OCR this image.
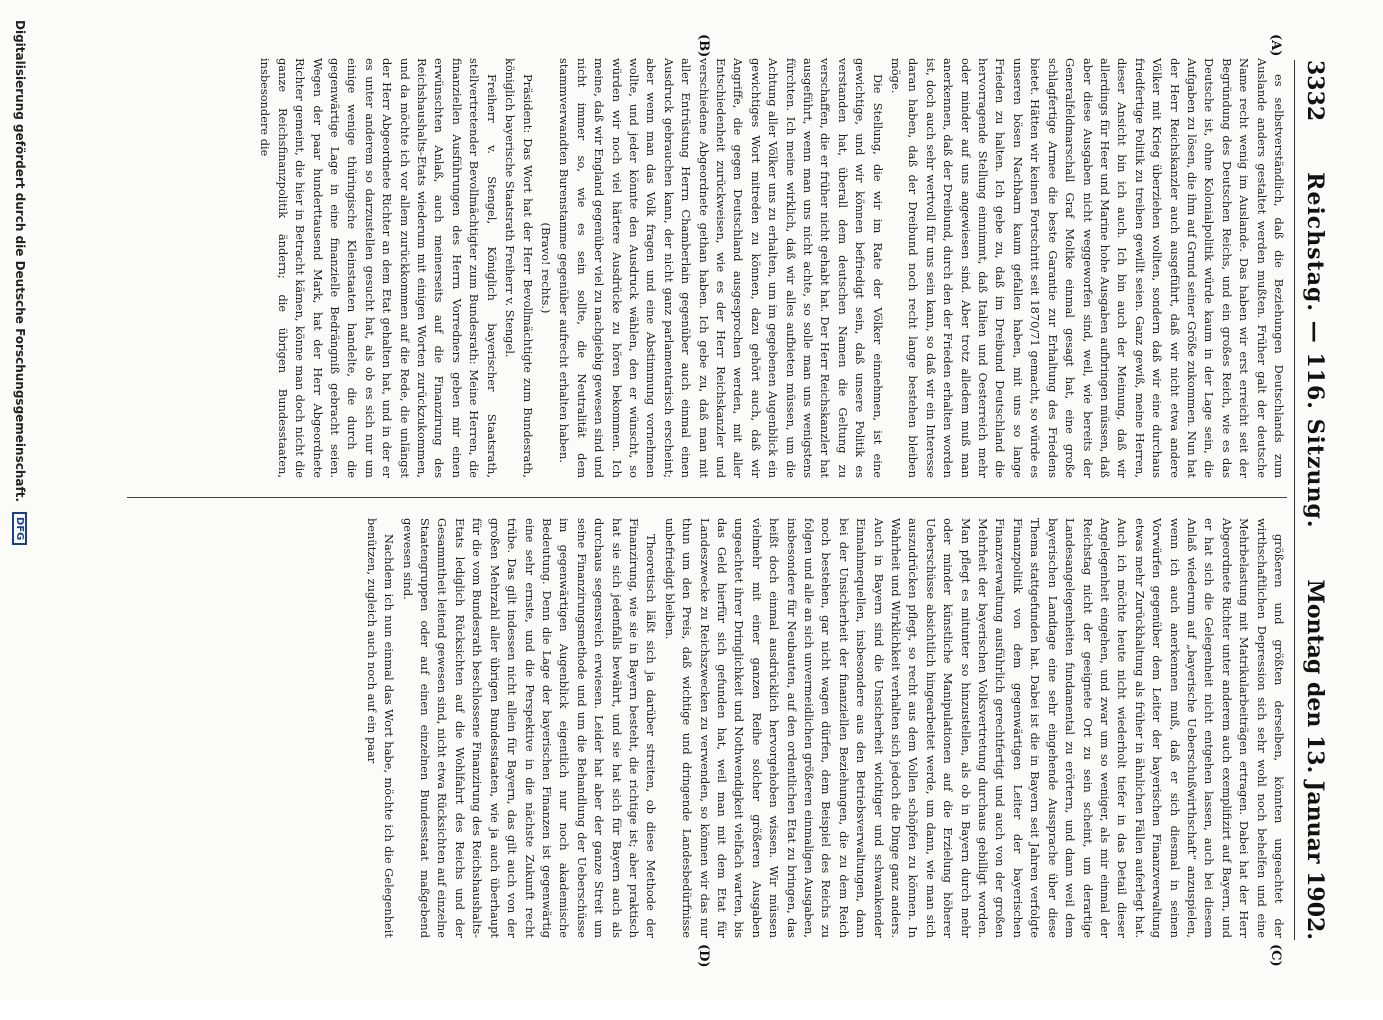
3332
Reichstag. — 116. Sitzung.
Montag den 13. Januar 1902.
(A)
(B)
(C)
(D)

es selbstverständlich, daß die Beziehungen Deutschlands zum Auslande anders gestaltet werden mußten. Früher galt der deutsche Name recht wenig im Auslande. Das haben wir erst erreicht seit der Begründung des Deutschen Reichs, und ein großes Reich, wie es das Deutsche ist, ohne Kolonialpolitik würde kaum in der Lage sein, die Aufgaben zu lösen, die ihm auf Grund seiner Größe zukommen. Nun hat der Herr Reichskanzler auch ausgeführt, daß wir nicht etwa andere Völker mit Krieg überziehen wollten, sondern daß wir eine durchaus friedfertige Politik zu treiben gewillt seien. Ganz gewiß, meine Herren, dieser Ansicht bin ich auch. Ich bin auch der Meinung, daß wir allerdings für Heer und Marine hohe Ausgaben aufbringen müssen, daß aber diese Ausgaben nicht weggeworfen sind, weil, wie bereits der Generalfeldmarschall Graf Moltke einmal gesagt hat, eine große schlagfertige Armee die beste Garantie zur Erhaltung des Friedens bietet. Hätten wir keinen Fortschritt seit 1870/71 gemacht, so würde es unseren bösen Nachbarn kaum gefallen haben, mit uns so lange Frieden zu halten. Ich gebe zu, daß im Dreibund Deutschland die hervorragende Stellung einnimmt, daß Italien und Oesterreich mehr oder minder auf uns angewiesen sind. Aber trotz alledem muß man anerkennen, daß der Dreibund, durch den der Frieden erhalten worden ist, doch auch sehr wertvoll für uns sein kann, so daß wir ein Interesse daran haben, daß der Dreibund noch recht lange bestehen bleiben möge.

Die Stellung, die wir im Rate der Völker einnehmen, ist eine gewichtige, und wir können befriedigt sein, daß unsere Politik es verstanden hat, überall dem deutschen Namen die Geltung zu verschaffen, die er früher nicht gehabt hat. Der Herr Reichskanzler hat ausgeführt, wenn man uns nicht achte, so solle man uns wenigstens fürchten. Ich meine wirklich, daß wir alles aufbieten müssen, um die Achtung aller Völker uns zu erhalten, um im gegebenen Augenblick ein gewichtiges Wort mitreden zu können, dazu gehört auch, daß wir Angriffe, die gegen Deutschland ausgesprochen werden, mit aller Entschiedenheit zurückweisen, wie es der Herr Reichskanzler und verschiedene Abgeordnete gethan haben. Ich gebe zu, daß man mit aller Entrüstung Herrn Chamberlain gegenüber auch einmal einen Ausdruck gebrauchen kann, der nicht ganz parlamentarisch erscheint; aber wenn man das Volk fragen und eine Abstimmung vornehmen wollte, und jeder könnte den Ausdruck wählen, den er wünscht, so würden wir noch viel härtere Ausdrücke zu hören bekommen. Ich meine, daß wir England gegenüber viel zu nachgiebig gewesen sind und nicht immer so, wie es sein sollte, die Neutralität dem stammverwandten Burenstamme gegenüber aufrecht erhalten haben.

(Bravo! rechts.)

Präsident: Das Wort hat der Herr Bevollmächtigte zum Bundesrath, königlich bayerische Staatsrath Freiherr v. Stengel.

Freiherr v. Stengel, Königlich bayerischer Staatsrath, stellvertretender Bevollmächtigter zum Bundesrath: Meine Herren, die finanziellen Ausführungen des Herrn Vorredners geben mir einen erwünschten Anlaß, auch meinerseits auf die Finanzirung des Reichshaushalts-Etats wiederum mit einigen Worten zurückzukommen, und da möchte ich vor allem zurückkommen auf die Rede, die unlängst der Herr Abgeordnete Richter an dem Etat gehalten hat, und in der er es unter anderem so darzustellen gesucht hat, als ob es sich nur um einige wenige thüringische Kleinstaaten handelte, die durch die gegenwärtige Lage in eine finanzielle Bedrängniß gebracht seien. Wegen der paar hunderttausend Mark, hat der Herr Abgeordnete Richter gemeint, die hier in Betracht kämen, könne man doch nicht die ganze Reichsfinanzpolitik ändern; die übrigen Bundesstaaten, insbesondere die

größeren und größten derselben, könnten ungeachtet der wirthschaftlichen Depression sich sehr wohl noch behelfen und eine Mehrbelastung mit Matrikularbeiträgen ertragen. Dabei hat der Herr Abgeordnete Richter unter anderem auch exemplifizirt auf Bayern, und er hat sich die Gelegenheit nicht entgehen lassen, auch bei diesem Anlaß wiederum auf „bayerische Ueberschußwirthschaft“ anzuspielen, wenn ich auch anerkennen muß, daß er sich diesmal in seinen Vorwürfen gegenüber dem Leiter der bayerischen Finanzverwaltung etwas mehr Zurückhaltung als früher in ähnlichen Fällen auferlegt hat. Auch ich möchte heute nicht wiederholt tiefer in das Detail dieser Angelegenheit eingehen, und zwar um so weniger, als mir einmal der Reichstag nicht der geeignete Ort zu sein scheint, um derartige Landesangelegenheiten fundamental zu erörtern, und dann weil dem bayerischen Landtage eine sehr eingehende Aussprache über diese Thema stattgefunden hat. Dabei ist die in Bayern seit Jahren verfolgte Finanzpolitik von dem gegenwärtigen Leiter der bayerischen Finanzverwaltung ausführlich gerechtfertigt und auch von der großen Mehrheit der bayerischen Volksvertretung durchaus gebilligt worden. Man pflegt es mitunter so hinzustellen, als ob in Bayern durch mehr oder minder künstliche Manipulationen auf die Erzielung höherer Ueberschüsse absichtlich hingearbeitet werde, um dann, wie man sich auszudrücken pflegt, so recht aus dem Vollen schöpfen zu können. In Wahrheit und Wirklichkeit verhalten sich jedoch die Dinge ganz anders. Auch in Bayern sind die Unsicherheit wichtiger und schwankender Einnahmequellen, insbesondere aus den Betriebsverwaltungen, dann bei der Unsicherheit der finanziellen Beziehungen, die zu dem Reich noch bestehen, gar nicht wagen dürfen, dem Beispiel des Reichs zu folgen und alle an sich unvermeidlichen größeren einmaligen Ausgaben, insbesondere für Neubauten, auf den ordentlichen Etat zu bringen, das heißt doch einmal ausdrücklich hervorgehoben wissen. Wir müssen vielmehr mit einer ganzen Reihe solcher größeren Ausgaben ungeachtet ihrer Dringlichkeit und Nothwendigkeit vielfach warten, bis das Geld hierfür sich gefunden hat, weil man mit dem Etat für Landeszwecke zu Reichszwecken zu verwenden, so können wir das nur thun um den Preis, daß wichtige und dringende Landesbedürfnisse unbefriedigt bleiben.

Theoretisch läßt sich ja darüber streiten, ob diese Methode der Finanzirung, wie sie in Bayern besteht, die richtige ist; aber praktisch hat sie sich jedenfalls bewährt, und sie hat sich für Bayern auch als durchaus segensreich erwiesen. Leider hat aber der ganze Streit um seine Finanzirungsmethode und um die Behandlung der Ueberschüsse im gegenwärtigen Augenblick eigentlich nur noch akademische Bedeutung. Denn die Lage der bayerischen Finanzen ist gegenwärtig eine sehr ernste, und die Perspektive in die nächste Zukunft recht trübe. Das gilt indessen nicht allein für Bayern, das gilt auch von der großen Mehrzahl aller übrigen Bundesstaaten, wie ja auch überhaupt für die vom Bundesrath beschlossene Finanzirung des Reichshaushalts-Etats lediglich Rücksichten auf die Wohlfahrt des Reichs und der Gesammtheit leitend gewesen sind, nicht etwa Rücksichten auf einzelne Staatengruppen oder auf einen einzelnen Bundesstaat maßgebend gewesen sind.

Nachdem ich nun einmal das Wort habe, möchte ich die Gelegenheit benützen, zugleich auch noch auf ein paar

Digitalisierung gefördert durch die Deutsche Forschungsgemeinschaft.
DFG
